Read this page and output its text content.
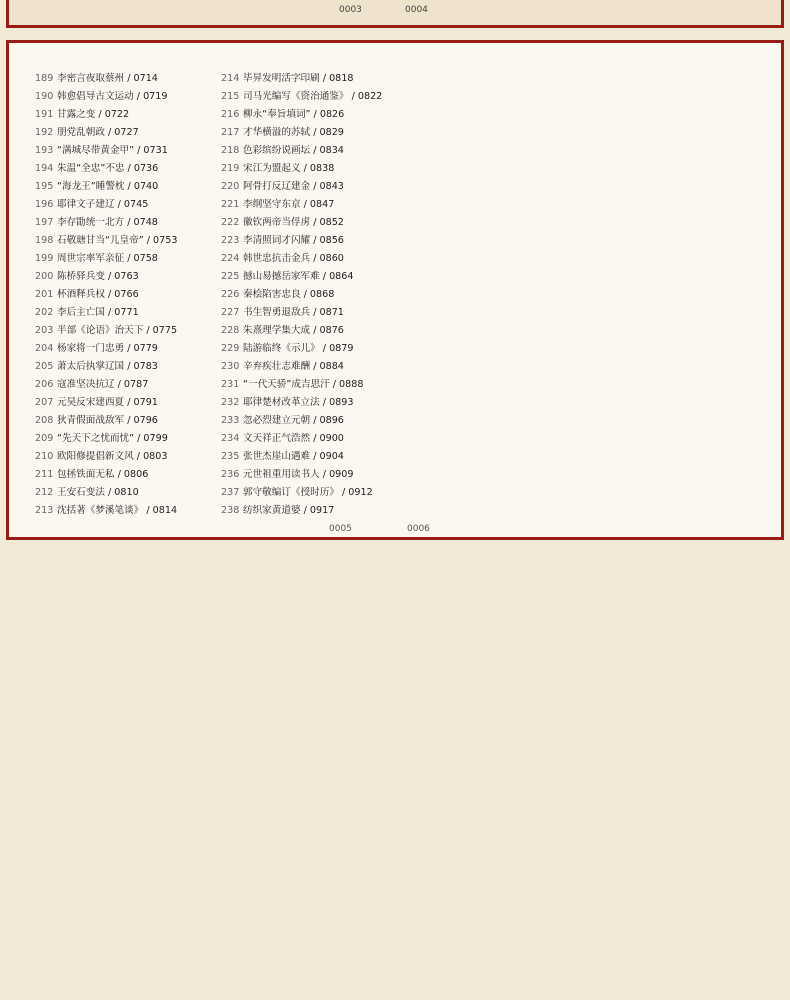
0003	0004
189 李密言夜取蔡州 / 0714
190 韩愈倡导古文运动 / 0719
191 甘露之变 / 0722
192 朋党乱朝政 / 0727
193 “满城尽带黄金甲” / 0731
194 朱温“全忠”不忠 / 0736
195 “海龙王”睡警枕 / 0740
196 耶律文子建辽 / 0745
197 李存勖统一北方 / 0748
198 石敬瑭甘当“儿皇帝” / 0753
199 周世宗率军亲征 / 0758
200 陈桥驿兵变 / 0763
201 杯酒释兵权 / 0766
202 李后主亡国 / 0771
203 半部《论语》治天下 / 0775
204 杨家将一门忠勇 / 0779
205 萧太后执掌辽国 / 0783
206 寇准坚决抗辽 / 0787
207 元昊反宋建西夏 / 0791
208 狄青假面战敌军 / 0796
209 “先天下之忧而忧” / 0799
210 欧阳修提倡新文风 / 0803
211 包拯铁面无私 / 0806
212 王安石变法 / 0810
213 沈括著《梦溪笔谈》 / 0814
214 毕昇发明活字印刷 / 0818
215 司马光编写《资治通鉴》 / 0822
216 柳永“奉旨填词” / 0826
217 才华横溢的苏轼 / 0829
218 色彩缤纷说画坛 / 0834
219 宋江为盟起义 / 0838
220 阿骨打反辽建金 / 0843
221 李纲坚守东京 / 0847
222 徽钦两帝当俘虏 / 0852
223 李清照词才闪耀 / 0856
224 韩世忠抗击金兵 / 0860
225 撼山易撼岳家军难 / 0864
226 秦桧陷害忠良 / 0868
227 书生智勇退敌兵 / 0871
228 朱熹理学集大成 / 0876
229 陆游临终《示儿》 / 0879
230 辛弃疾壮志难酬 / 0884
231 “一代天骄”成吉思汗 / 0888
232 耶律楚材改革立法 / 0893
233 忽必烈建立元朝 / 0896
234 文天祥正气浩然 / 0900
235 张世杰崖山遇难 / 0904
236 元世祖重用读书人 / 0909
237 郭守敬编订《授时历》 / 0912
238 纺织家黄道婆 / 0917
0005	0006
